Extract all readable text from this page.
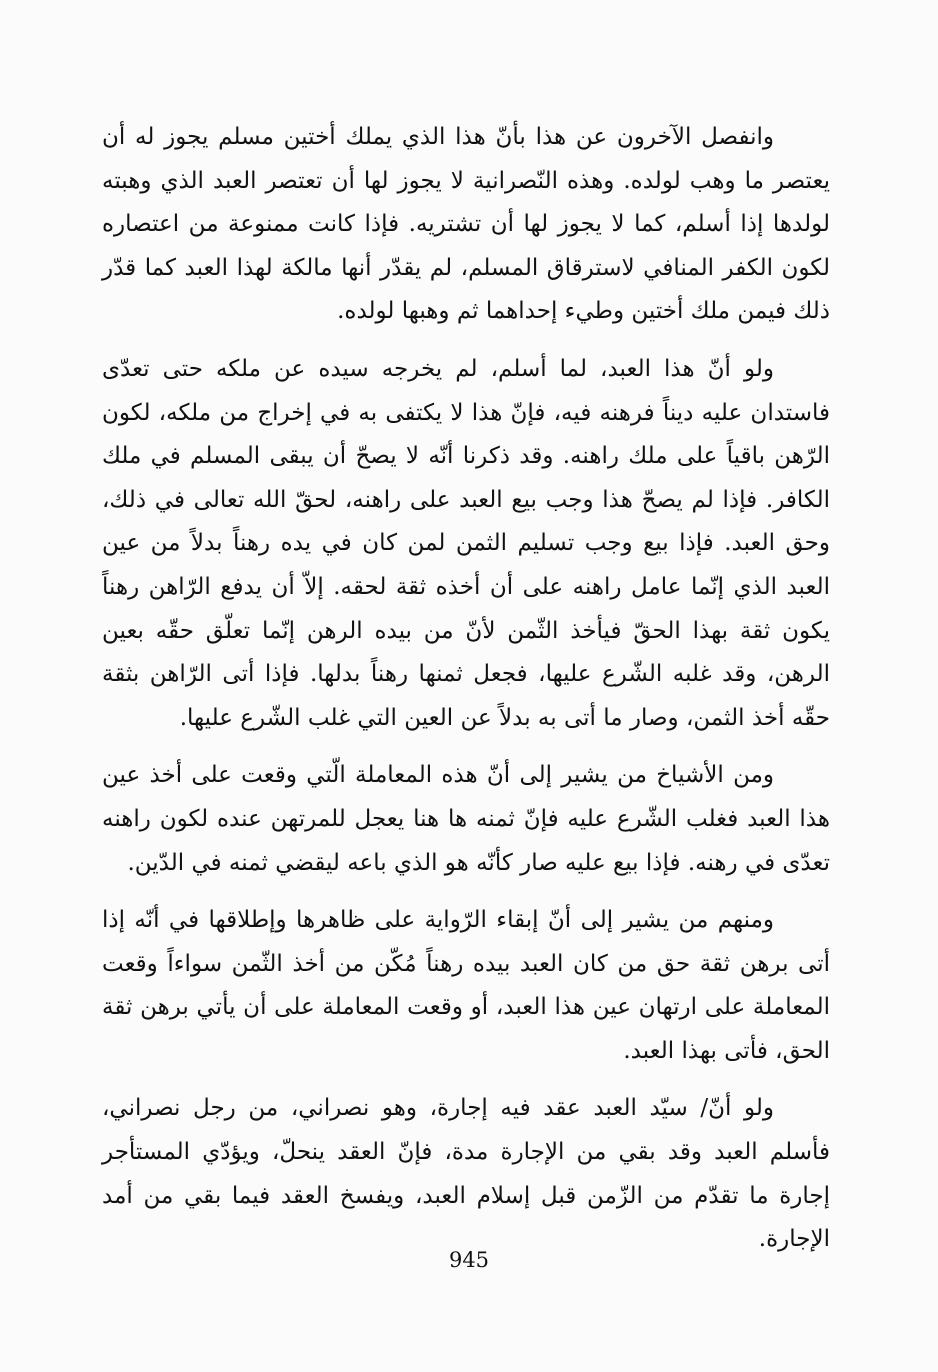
وانفصل الآخرون عن هذا بأنّ هذا الذي يملك أختين مسلم يجوز له أن يعتصر ما وهب لولده. وهذه النّصرانية لا يجوز لها أن تعتصر العبد الذي وهبته لولدها إذا أسلم، كما لا يجوز لها أن تشتريه. فإذا كانت ممنوعة من اعتصاره لكون الكفر المنافي لاسترقاق المسلم، لم يقدّر أنها مالكة لهذا العبد كما قدّر ذلك فيمن ملك أختين وطيء إحداهما ثم وهبها لولده.

ولو أنّ هذا العبد، لما أسلم، لم يخرجه سيده عن ملكه حتى تعدّى فاستدان عليه ديناً فرهنه فيه، فإنّ هذا لا يكتفى به في إخراج من ملكه، لكون الرّهن باقياً على ملك راهنه. وقد ذكرنا أنّه لا يصحّ أن يبقى المسلم في ملك الكافر. فإذا لم يصحّ هذا وجب بيع العبد على راهنه، لحقّ الله تعالى في ذلك، وحق العبد. فإذا بيع وجب تسليم الثمن لمن كان في يده رهناً بدلاً من عين العبد الذي إنّما عامل راهنه على أن أخذه ثقة لحقه. إلاّ أن يدفع الرّاهن رهناً يكون ثقة بهذا الحقّ فيأخذ الثّمن لأنّ من بيده الرهن إنّما تعلّق حقّه بعين الرهن، وقد غلبه الشّرع عليها، فجعل ثمنها رهناً بدلها. فإذا أتى الرّاهن بثقة حقّه أخذ الثمن، وصار ما أتى به بدلاً عن العين التي غلب الشّرع عليها.

ومن الأشياخ من يشير إلى أنّ هذه المعاملة الّتي وقعت على أخذ عين هذا العبد فغلب الشّرع عليه فإنّ ثمنه ها هنا يعجل للمرتهن عنده لكون راهنه تعدّى في رهنه. فإذا بيع عليه صار كأنّه هو الذي باعه ليقضي ثمنه في الدّين.

ومنهم من يشير إلى أنّ إبقاء الرّواية على ظاهرها وإطلاقها في أنّه إذا أتى برهن ثقة حق من كان العبد بيده رهناً مُكّن من أخذ الثّمن سواءاً وقعت المعاملة على ارتهان عين هذا العبد، أو وقعت المعاملة على أن يأتي برهن ثقة الحق، فأتى بهذا العبد.

ولو أنّ/ سيّد العبد عقد فيه إجارة، وهو نصراني، من رجل نصراني، فأسلم العبد وقد بقي من الإجارة مدة، فإنّ العقد ينحلّ، ويؤدّي المستأجر إجارة ما تقدّم من الزّمن قبل إسلام العبد، ويفسخ العقد فيما بقي من أمد الإجارة.

945
